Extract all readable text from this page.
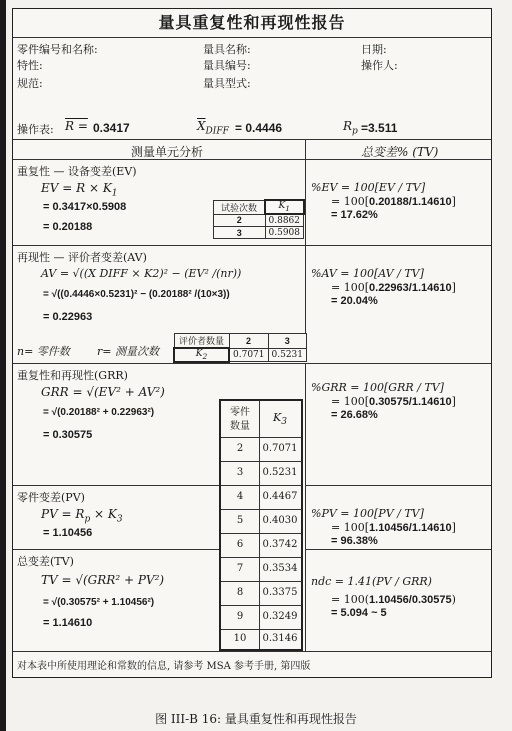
量具重复性和再现性报告
零件编号和名称:	量具名称:	日期:
特性:	量具编号:	操作人:
规范:	量具型式:
操作表: R = 0.3417	$\overline{X}_{DIFF} = 0.4446$	$R_p =3.511$
测量单元分析	总变差% (TV)
重复性 — 设备变差(EV)
EV = $R \times K_1$
= 0.3417×0.5908
= 0.20188
试验次数	$K_1$
2	0.8862
3	0.5908
%EV = 100[EV / TV]
= 100[0.20188/1.14610]
= 17.62%
再现性 — 评价者变差(AV)
AV = √((X DIFF × K2)² − (EV² /(nr))
= √((0.4446×0.5231)² − (0.20188² /(10×3))
= 0.22963
n= 零件数 r= 测量次数
评价者数量	2	3
$K_2$	0.7071	0.5231
%AV = 100[AV / TV]
= 100[0.22963/1.14610]
= 20.04%
重复性和再现性(GRR)
GRR = √(EV² + AV²)
= √(0.20188² + 0.22963²)
= 0.30575
%GRR = 100[GRR / TV]
= 100[0.30575/1.14610]
= 26.68%
零件
数量
$K_3$
2	0.7071
3	0.5231
4	0.4467
5	0.4030
6	0.3742
7	0.3534
8	0.3375
9	0.3249
10	0.3146
零件变差(PV)
PV = $R_p \times K_3$
= 1.10456
%PV = 100[PV / TV]
= 100[1.10456/1.14610]
= 96.38%
总变差(TV)
TV = √(GRR² + PV²)
= √(0.30575² + 1.10456²)
= 1.14610
ndc = 1.41(PV / GRR)
= 100(1.10456/0.30575)
= 5.094 ~ 5
对本表中所使用理论和常数的信息, 请参考 MSA 参考手册, 第四版
图 III-B 16: 量具重复性和再现性报告
